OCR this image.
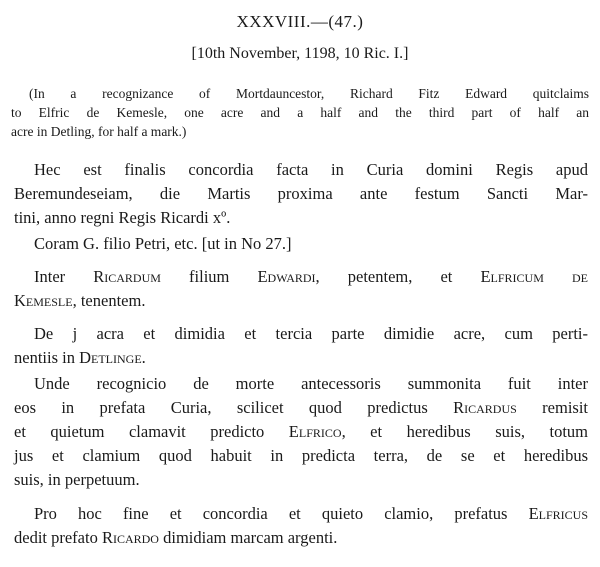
XXXVIII.—(47.)
[10th November, 1198, 10 Ric. I.]
(In a recognizance of Mortdauncestor, Richard Fitz Edward quitclaims
to Elfric de Kemesle, one acre and a half and the third part of half an
acre in Detling, for half a mark.)
Hec est finalis concordia facta in Curia domini Regis apud
Beremundeseiam, die Martis proxima ante festum Sancti Mar-
tini, anno regni Regis Ricardi xº.
Coram G. filio Petri, etc. [ut in No 27.]
Inter Ricardum filium Edwardi, petentem, et Elfricum de
Kemesle, tenentem.
De j acra et dimidia et tercia parte dimidie acre, cum perti-
nentiis in Detlinge.
Unde recognicio de morte antecessoris summonita fuit inter
eos in prefata Curia, scilicet quod predictus Ricardus remisit
et quietum clamavit predicto Elfrico, et heredibus suis, totum
jus et clamium quod habuit in predicta terra, de se et heredibus
suis, in perpetuum.
Pro hoc fine et concordia et quieto clamio, prefatus Elfricus
dedit prefato Ricardo dimidiam marcam argenti.
